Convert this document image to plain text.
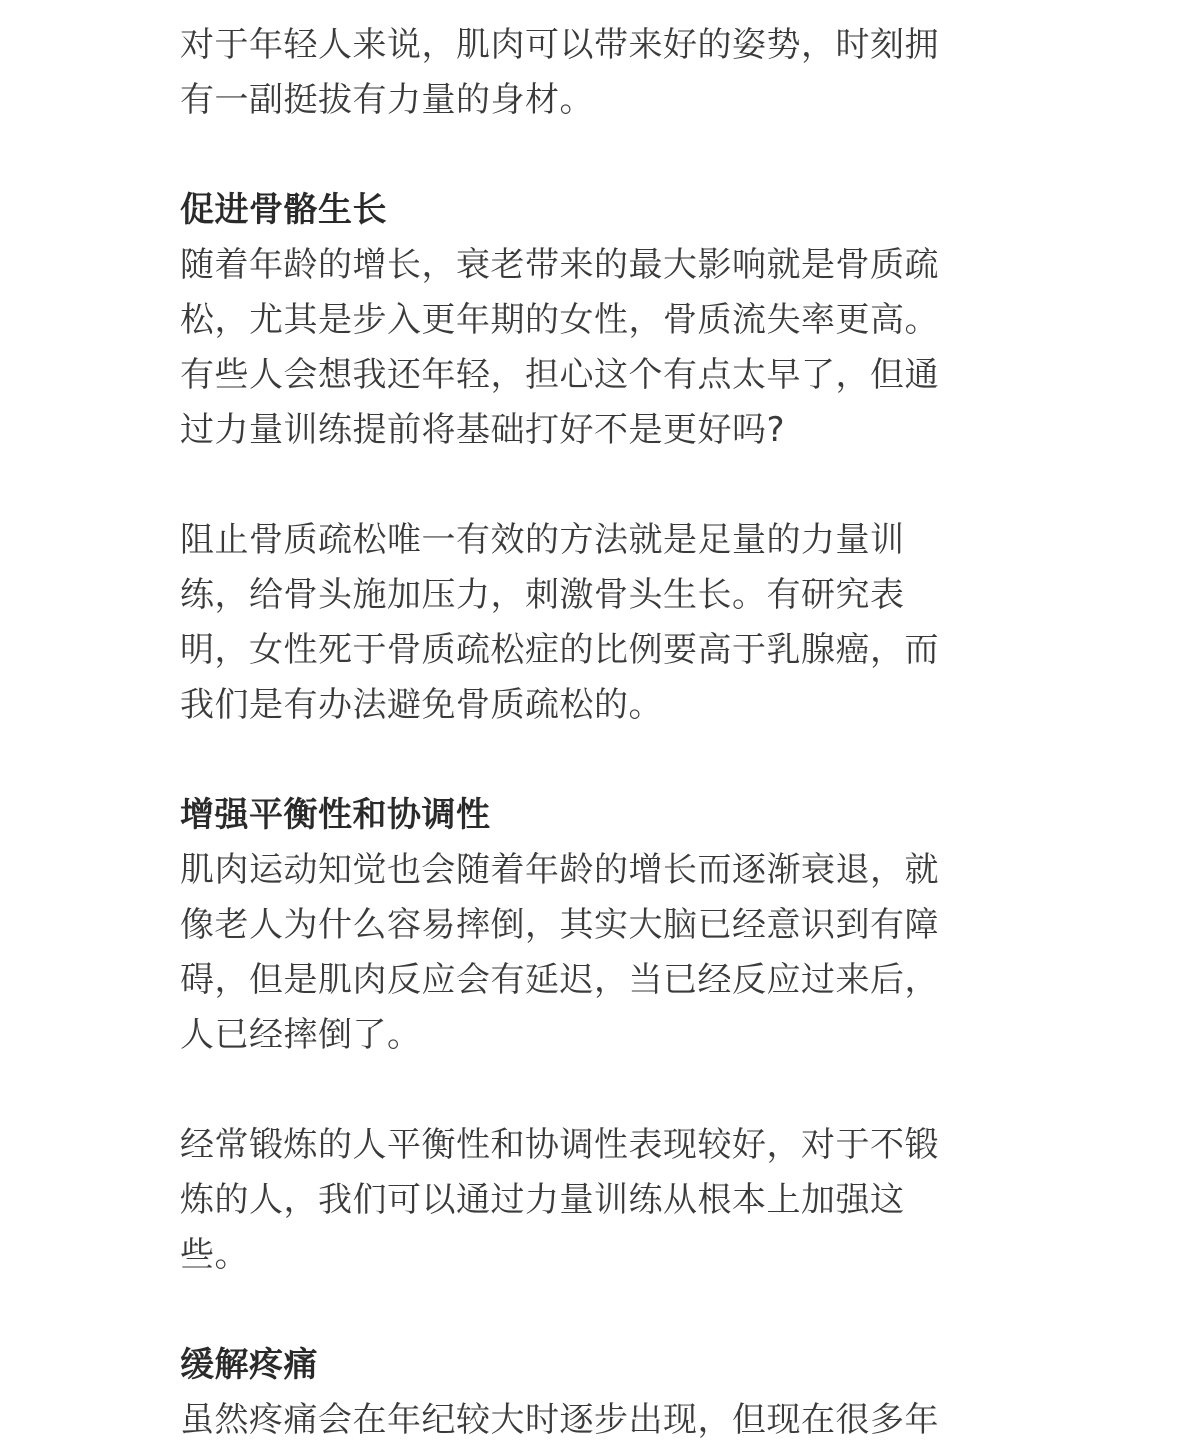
对于年轻人来说，肌肉可以带来好的姿势，时刻拥
有一副挺拔有力量的身材。

促进骨骼生长

随着年龄的增长，衰老带来的最大影响就是骨质疏
松，尤其是步入更年期的女性，骨质流失率更高。
有些人会想我还年轻，担心这个有点太早了，但通
过力量训练提前将基础打好不是更好吗?

阻止骨质疏松唯一有效的方法就是足量的力量训
练，给骨头施加压力，刺激骨头生长。有研究表
明，女性死于骨质疏松症的比例要高于乳腺癌，而
我们是有办法避免骨质疏松的。

增强平衡性和协调性

肌肉运动知觉也会随着年龄的增长而逐渐衰退，就
像老人为什么容易摔倒，其实大脑已经意识到有障
碍，但是肌肉反应会有延迟，当已经反应过来后，
人已经摔倒了。

经常锻炼的人平衡性和协调性表现较好，对于不锻
炼的人，我们可以通过力量训练从根本上加强这
些。

缓解疼痛

虽然疼痛会在年纪较大时逐步出现，但现在很多年
